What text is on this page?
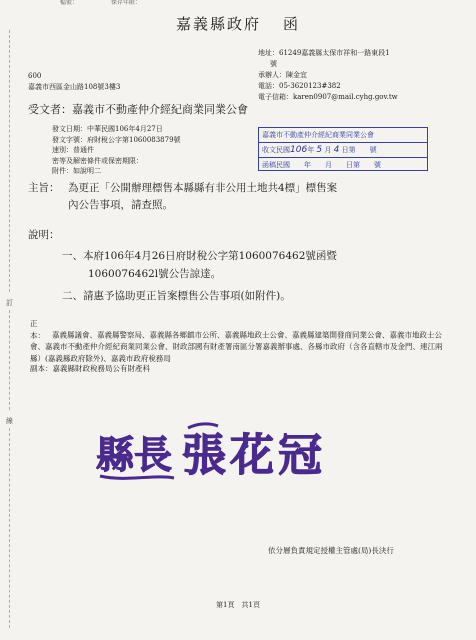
檔號：　　　　　　保存年限：
嘉義縣政府 函
地址：61249嘉義縣太保市祥和一路東段1
號
承辦人：陳金宜
電話：05-3620123#382
電子信箱：karen0907@mail.cyhg.gov.tw
600
嘉義市西區金山路108號3樓3
受文者：嘉義市不動產仲介經紀商業同業公會
發文日期：中華民國106年4月27日
發文字號：府財稅公字第1060083879號
速別：普通件
密等及解密條件或保密期限：
附件：如說明二
嘉義市不動產仲介經紀商業同業公會
收文民國106年 5 月 4 日第 號
函稿民國 年 月 日第 號
主旨： 為更正「公開辦理標售本縣縣有非公用土地共4標」標售案
內公告事項，請查照。
說明：
一、本府106年4月26日府財稅公字第1060076462號函暨
1060076462l號公告諒達。
二、請惠予協助更正旨案標售公告事項(如附件)。
訂
線
正本： 嘉義縣議會、嘉義縣警察局、嘉義縣各鄉鎮市公所、嘉義縣地政士公會、嘉義縣建築開發商同業公會、嘉義市地政士公會、嘉義市不動產仲介經紀商業同業公會、財政部國有財產署南區分署嘉義辦事處、各縣市政府（含各直轄市及金門、連江兩縣）(嘉義縣政府除外)、嘉義市政府稅務局
副本：嘉義縣財政稅務局公有財產科
縣長 張花冠
依分層負責規定授權主管處(局)長決行
第1頁　共1頁
